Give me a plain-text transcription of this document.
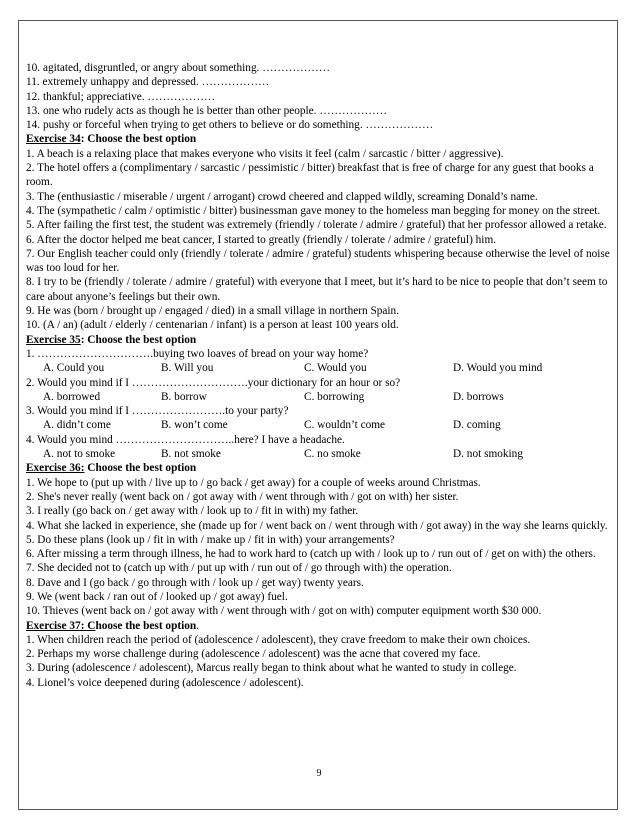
10. agitated, disgruntled, or angry about something. ………………
11. extremely unhappy and depressed. ………………
12. thankful; appreciative. ………………
13. one who rudely acts as though he is better than other people. ………………
14. pushy or forceful when trying to get others to believe or do something. ………………
Exercise 34: Choose the best option
1. A beach is a relaxing place that makes everyone who visits it feel (calm / sarcastic / bitter / aggressive).
2. The hotel offers a (complimentary / sarcastic / pessimistic / bitter) breakfast that is free of charge for any guest that books a room.
3. The (enthusiastic / miserable / urgent / arrogant) crowd cheered and clapped wildly, screaming Donald’s name.
4. The (sympathetic / calm / optimistic / bitter) businessman gave money to the homeless man begging for money on the street.
5. After failing the first test, the student was extremely (friendly / tolerate / admire / grateful) that her professor allowed a retake.
6. After the doctor helped me beat cancer, I started to greatly (friendly / tolerate / admire / grateful) him.
7. Our English teacher could only (friendly / tolerate / admire / grateful) students whispering because otherwise the level of noise was too loud for her.
8. I try to be (friendly / tolerate / admire / grateful) with everyone that I meet, but it’s hard to be nice to people that don’t seem to care about anyone’s feelings but their own.
9. He was (born / brought up / engaged / died) in a small village in northern Spain.
10. (A / an) (adult / elderly / centenarian / infant) is a person at least 100 years old.
Exercise 35: Choose the best option
1. ………………………….buying two loaves of bread on your way home?
A. Could you	B. Will you	C. Would you	D. Would you mind
2. Would you mind if I ………………………….your dictionary for an hour or so?
A. borrowed	B. borrow	C. borrowing	D. borrows
3. Would you mind if I …………………….to your party?
A. didn’t come	B. won’t come	C. wouldn’t come	D. coming
4. Would you mind …………………………..here? I have a headache.
A. not to smoke	B. not smoke	C. no smoke	D. not smoking
Exercise 36: Choose the best option
1. We hope to (put up with / live up to / go back / get away) for a couple of weeks around Christmas.
2. She's never really (went back on / got away with / went through with / got on with) her sister.
3. I really (go back on / get away with / look up to / fit in with) my father.
4. What she lacked in experience, she (made up for / went back on / went through with / got away) in the way she learns quickly.
5. Do these plans (look up / fit in with / make up / fit in with) your arrangements?
6. After missing a term through illness, he had to work hard to (catch up with / look up to / run out of / get on with) the others.
7. She decided not to (catch up with / put up with / run out of / go through with) the operation.
8. Dave and I (go back / go through with / look up / get way) twenty years.
9. We (went back / ran out of / looked up / got away) fuel.
10. Thieves (went back on / got away with / went through with / got on with) computer equipment worth $30 000.
Exercise 37: Choose the best option.
1. When children reach the period of (adolescence / adolescent), they crave freedom to make their own choices.
2. Perhaps my worse challenge during (adolescence / adolescent) was the acne that covered my face.
3. During (adolescence / adolescent), Marcus really began to think about what he wanted to study in college.
4. Lionel’s voice deepened during (adolescence / adolescent).
9
